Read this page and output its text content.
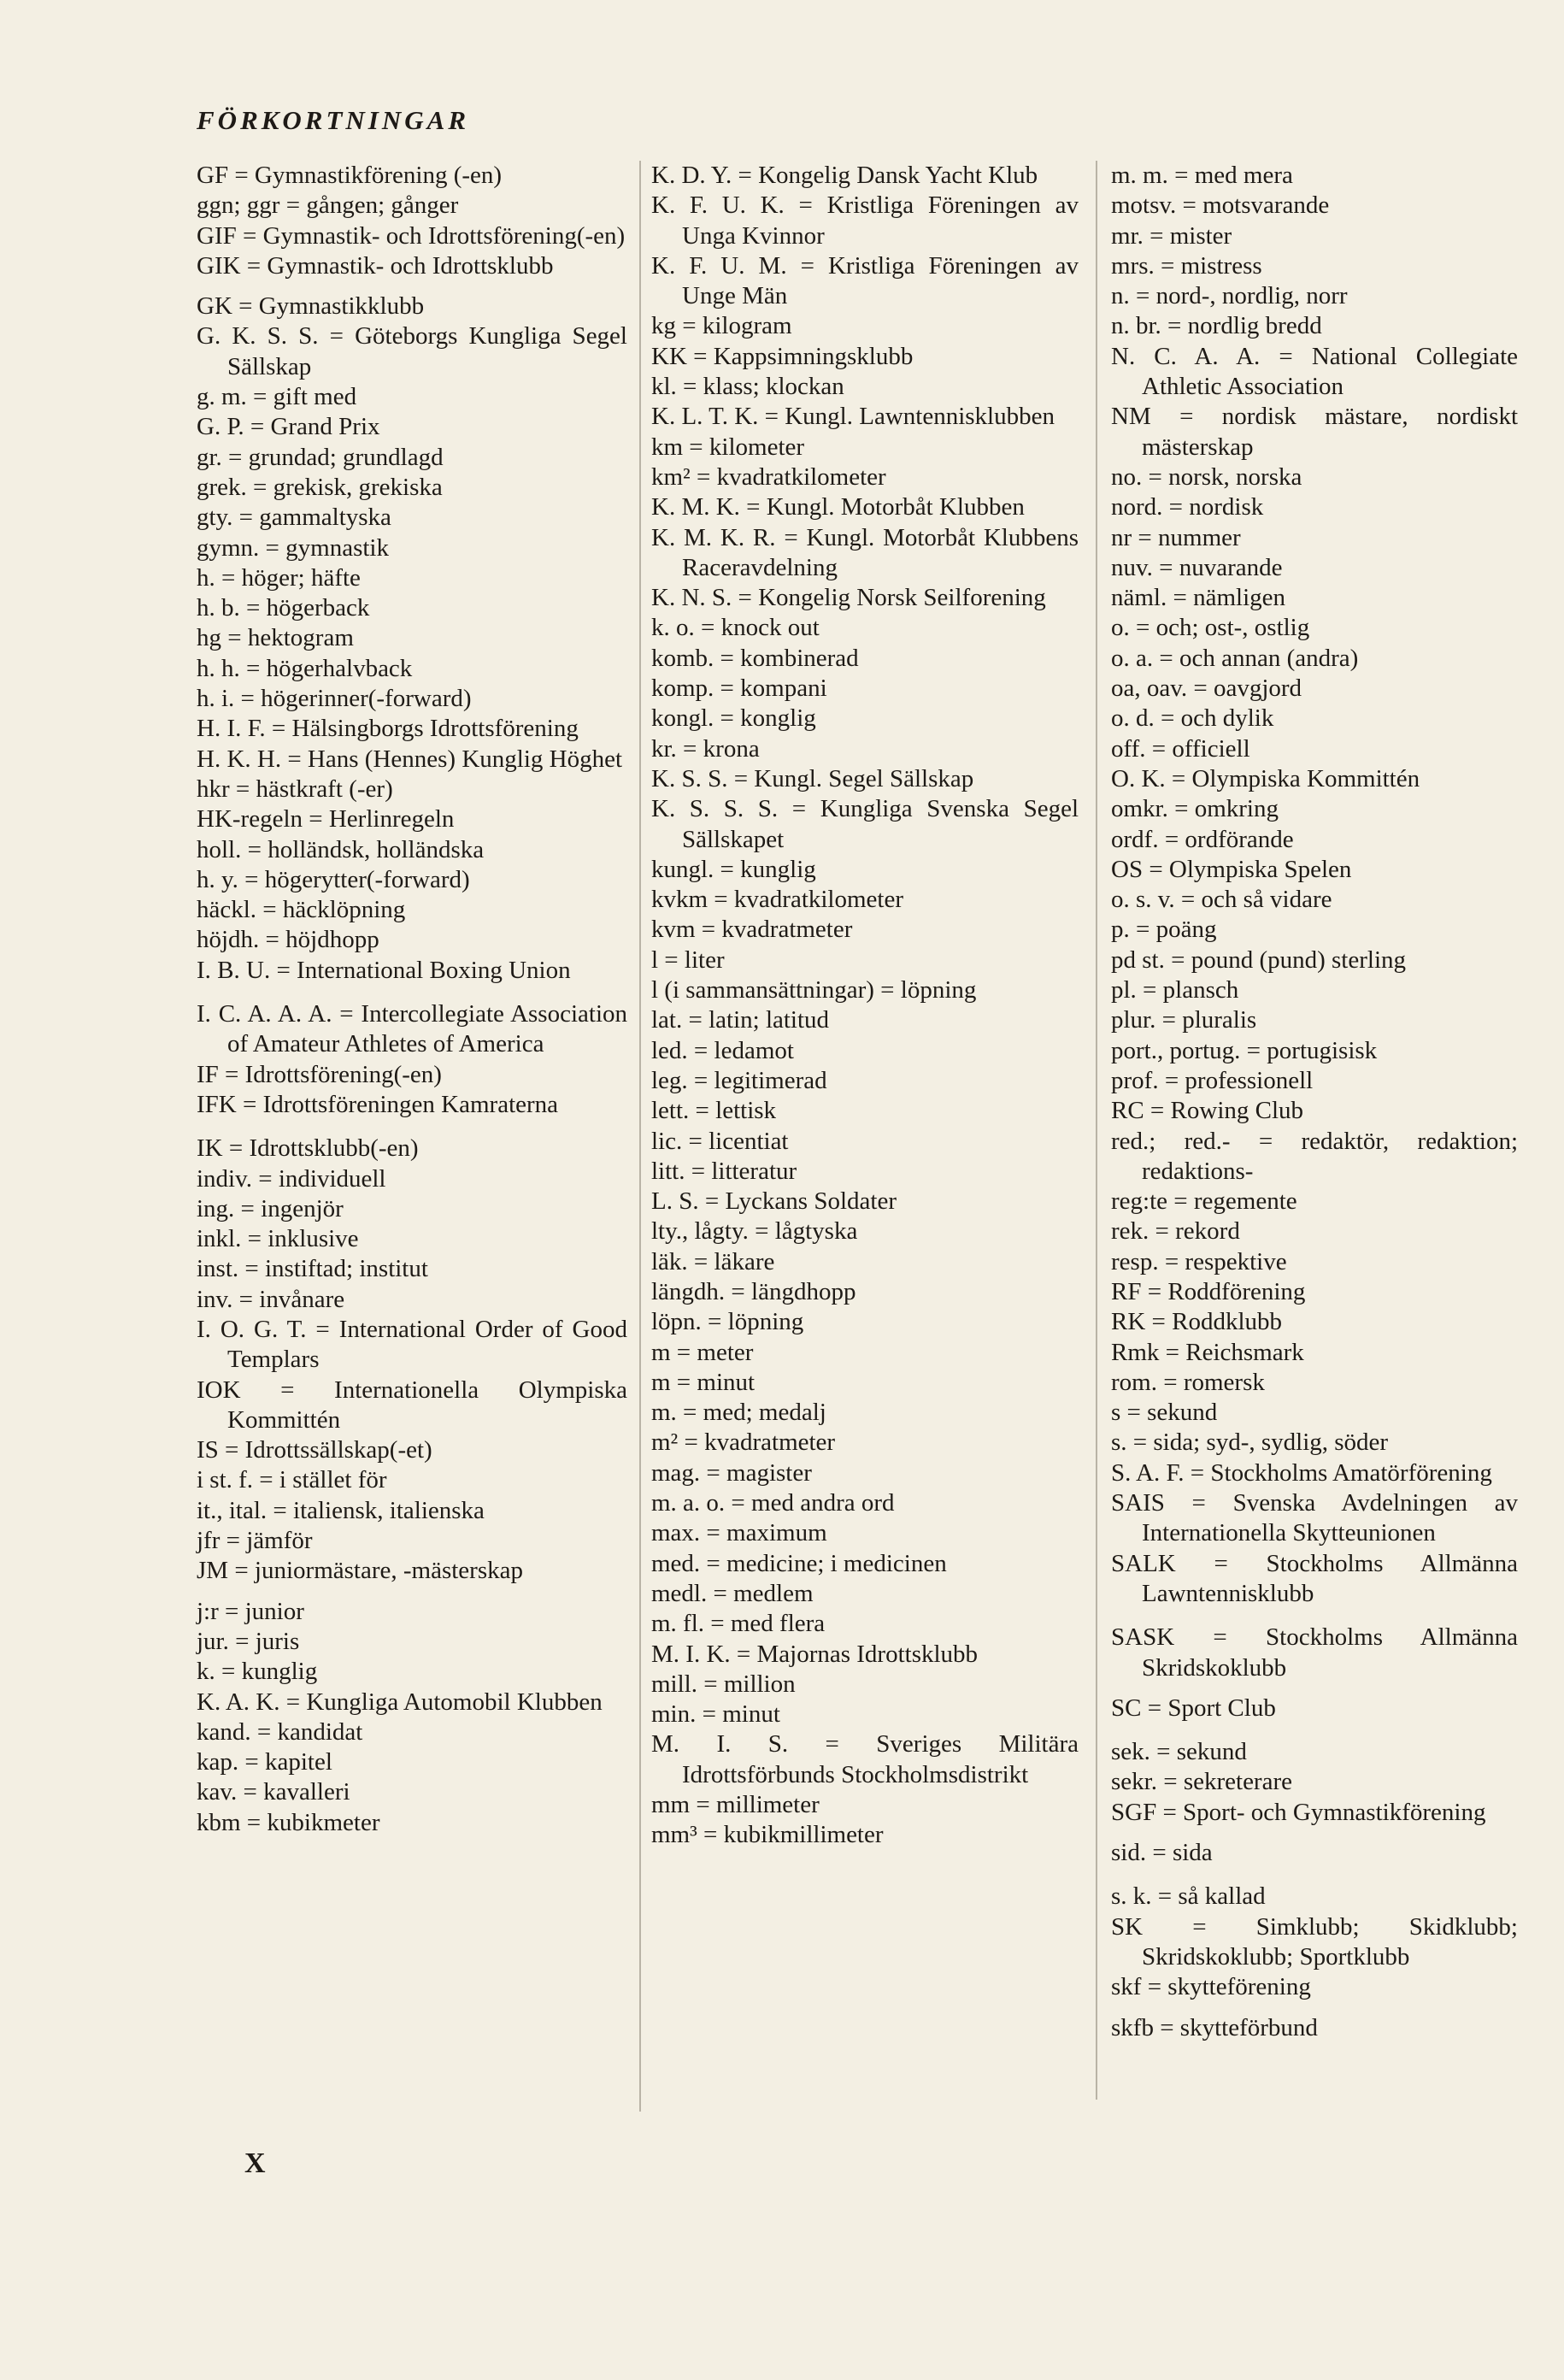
FÖRKORTNINGAR

GF = Gymnastikförening (-en)

ggn; ggr = gången; gånger

GIF = Gymnastik- och Idrottsförening(-en)

GIK = Gymnastik- och Idrottsklubb

GK = Gymnastikklubb

G. K. S. S. = Göteborgs Kungliga Segel Sällskap

g. m. = gift med

G. P. = Grand Prix

gr. = grundad; grundlagd

grek. = grekisk, grekiska

gty. = gammaltyska

gymn. = gymnastik

h. = höger; häfte

h. b. = högerback

hg = hektogram

h. h. = högerhalvback

h. i. = högerinner(-forward)

H. I. F. = Hälsingborgs Idrottsförening

H. K. H. = Hans (Hennes) Kunglig Höghet

hkr = hästkraft (-er)

HK-regeln = Herlinregeln

holl. = holländsk, holländska

h. y. = högerytter(-forward)

häckl. = häcklöpning

höjdh. = höjdhopp

I. B. U. = International Boxing Union

I. C. A. A. A. = Intercollegiate Association of Amateur Athletes of America

IF = Idrottsförening(-en)

IFK = Idrottsföreningen Kamraterna

IK = Idrottsklubb(-en)

indiv. = individuell

ing. = ingenjör

inkl. = inklusive

inst. = instiftad; institut

inv. = invånare

I. O. G. T. = International Order of Good Templars

IOK = Internationella Olympiska Kommittén

IS = Idrottssällskap(-et)

i st. f. = i stället för

it., ital. = italiensk, italienska

jfr = jämför

JM = juniormästare, -mästerskap

j:r = junior

jur. = juris

k. = kunglig

K. A. K. = Kungliga Automobil Klubben

kand. = kandidat

kap. = kapitel

kav. = kavalleri

kbm = kubikmeter

K. D. Y. = Kongelig Dansk Yacht Klub

K. F. U. K. = Kristliga Föreningen av Unga Kvinnor

K. F. U. M. = Kristliga Föreningen av Unge Män

kg = kilogram

KK = Kappsimningsklubb

kl. = klass; klockan

K. L. T. K. = Kungl. Lawntennisklubben

km = kilometer

km² = kvadratkilometer

K. M. K. = Kungl. Motorbåt Klubben

K. M. K. R. = Kungl. Motorbåt Klubbens Raceravdelning

K. N. S. = Kongelig Norsk Seilforening

k. o. = knock out

komb. = kombinerad

komp. = kompani

kongl. = konglig

kr. = krona

K. S. S. = Kungl. Segel Sällskap

K. S. S. S. = Kungliga Svenska Segel Sällskapet

kungl. = kunglig

kvkm = kvadratkilometer

kvm = kvadratmeter

l = liter

l (i sammansättningar) = löpning

lat. = latin; latitud

led. = ledamot

leg. = legitimerad

lett. = lettisk

lic. = licentiat

litt. = litteratur

L. S. = Lyckans Soldater

lty., lågty. = lågtyska

läk. = läkare

längdh. = längdhopp

löpn. = löpning

m = meter

m = minut

m. = med; medalj

m² = kvadratmeter

mag. = magister

m. a. o. = med andra ord

max. = maximum

med. = medicine; i medicinen

medl. = medlem

m. fl. = med flera

M. I. K. = Majornas Idrottsklubb

mill. = million

min. = minut

M. I. S. = Sveriges Militära Idrottsförbunds Stockholmsdistrikt

mm = millimeter

mm³ = kubikmillimeter

m. m. = med mera

motsv. = motsvarande

mr. = mister

mrs. = mistress

n. = nord-, nordlig, norr

n. br. = nordlig bredd

N. C. A. A. = National Collegiate Athletic Association

NM = nordisk mästare, nordiskt mästerskap

no. = norsk, norska

nord. = nordisk

nr = nummer

nuv. = nuvarande

näml. = nämligen

o. = och; ost-, ostlig

o. a. = och annan (andra)

oa, oav. = oavgjord

o. d. = och dylik

off. = officiell

O. K. = Olympiska Kommittén

omkr. = omkring

ordf. = ordförande

OS = Olympiska Spelen

o. s. v. = och så vidare

p. = poäng

pd st. = pound (pund) sterling

pl. = plansch

plur. = pluralis

port., portug. = portugisisk

prof. = professionell

RC = Rowing Club

red.; red.- = redaktör, redaktion; redaktions-

reg:te = regemente

rek. = rekord

resp. = respektive

RF = Roddförening

RK = Roddklubb

Rmk = Reichsmark

rom. = romersk

s = sekund

s. = sida; syd-, sydlig, söder

S. A. F. = Stockholms Amatörförening

SAIS = Svenska Avdelningen av Internationella Skytteunionen

SALK = Stockholms Allmänna Lawntennisklubb

SASK = Stockholms Allmänna Skridskoklubb

SC = Sport Club

sek. = sekund

sekr. = sekreterare

SGF = Sport- och Gymnastikförening

sid. = sida

s. k. = så kallad

SK = Simklubb; Skidklubb; Skridskoklubb; Sportklubb

skf = skytteförening

skfb = skytteförbund

X
